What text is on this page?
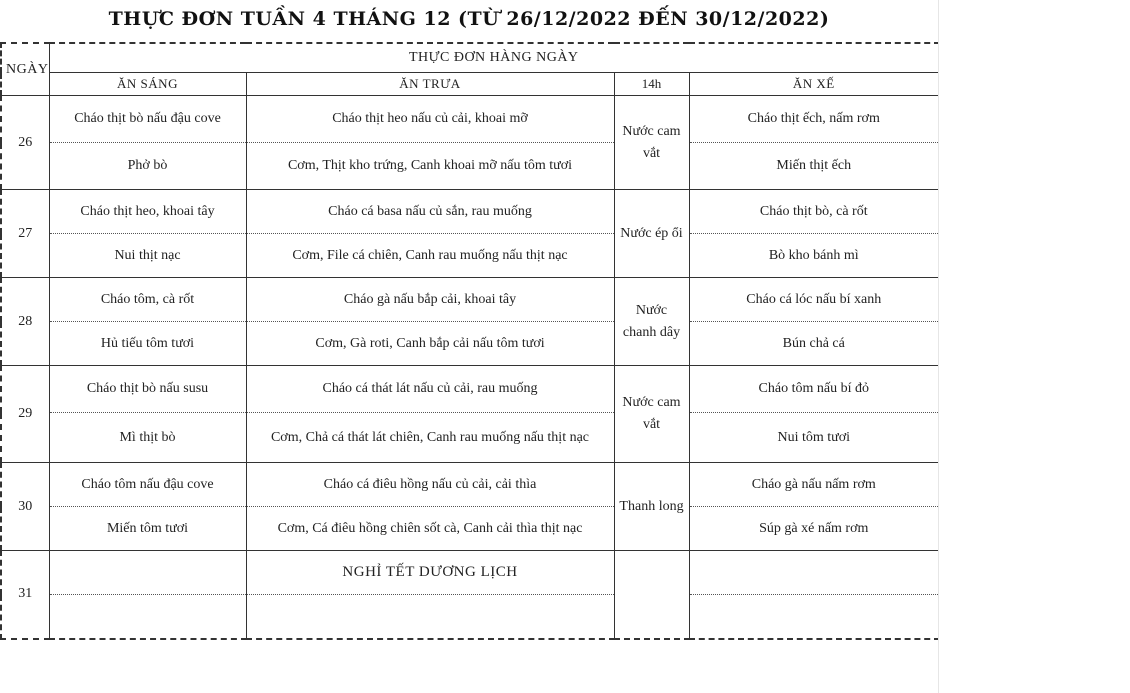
THỰC ĐƠN TUẦN 4 THÁNG 12 (TỪ 26/12/2022 ĐẾN 30/12/2022)
NGÀY	THỰC ĐƠN HÀNG NGÀY			
	ĂN SÁNG	ĂN TRƯA	14h	ĂN XẾ
26	Cháo thịt bò nấu đậu cove	Cháo thịt heo nấu củ cải, khoai mỡ	Nước cam vắt	Cháo thịt ếch, nấm rơm
	Phở bò	Cơm, Thịt kho trứng, Canh khoai mỡ nấu tôm tươi		Miến thịt ếch
27	Cháo thịt heo, khoai tây	Cháo cá basa nấu củ sắn, rau muống	Nước ép ổi	Cháo thịt bò, cà rốt
	Nui thịt nạc	Cơm, File cá chiên, Canh rau muống nấu thịt nạc		Bò kho bánh mì
28	Cháo tôm, cà rốt	Cháo gà nấu bắp cải, khoai tây	Nước chanh dây	Cháo cá lóc nấu bí xanh
	Hủ tiếu tôm tươi	Cơm, Gà roti, Canh bắp cải nấu tôm tươi		Bún chả cá
29	Cháo thịt bò nấu susu	Cháo cá thát lát nấu củ cải, rau muống	Nước cam vắt	Cháo tôm nấu bí đỏ
	Mì thịt bò	Cơm, Chả cá thát lát chiên, Canh rau muống nấu thịt nạc		Nui tôm tươi
30	Cháo tôm nấu đậu cove	Cháo cá điêu hồng nấu củ cải, cải thìa	Thanh long	Cháo gà nấu nấm rơm
	Miến tôm tươi	Cơm, Cá điêu hồng chiên sốt cà, Canh cải thìa thịt nạc		Súp gà xé nấm rơm
31		NGHỈ TẾT DƯƠNG LỊCH		
